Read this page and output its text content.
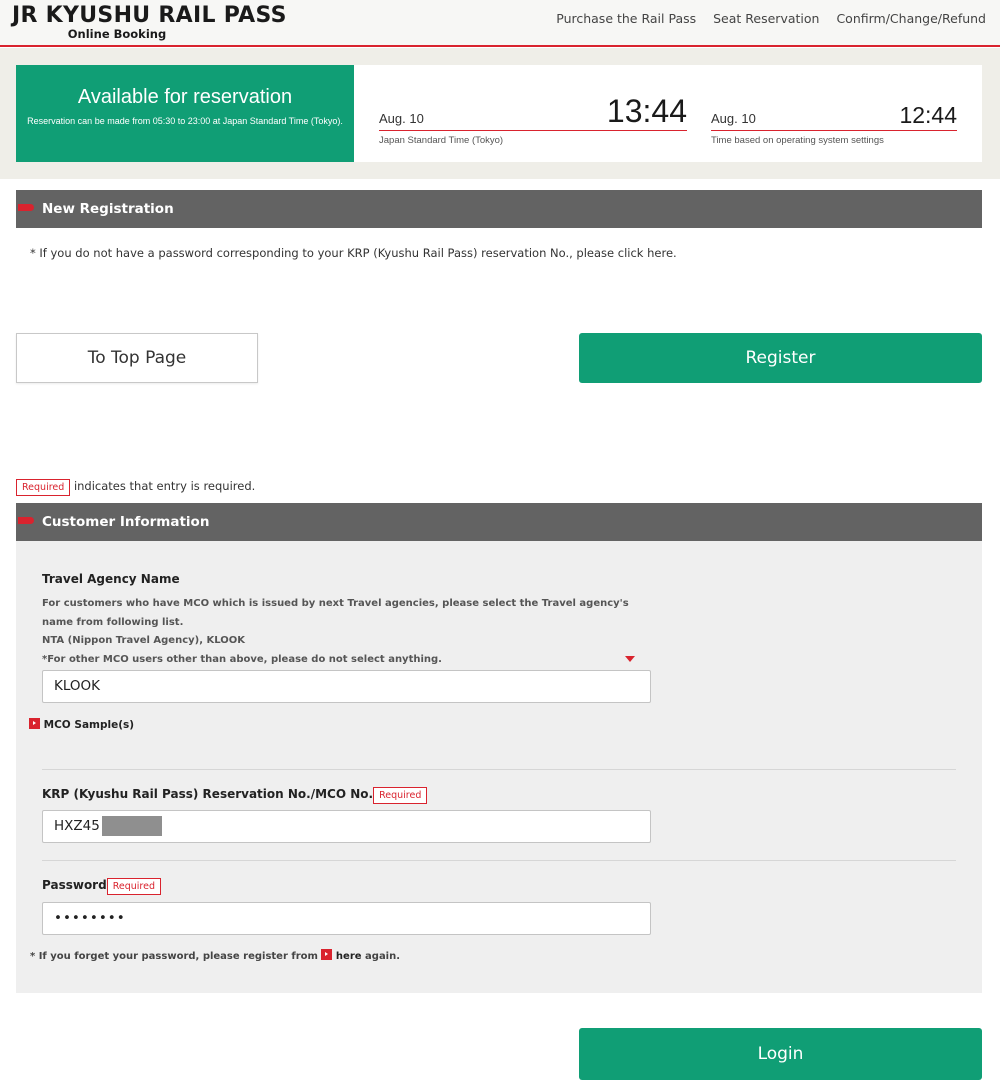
JR KYUSHU RAIL PASS
Online Booking
Purchase the Rail Pass Seat Reservation Confirm/Change/Refund
Available for reservation
Reservation can be made from 05:30 to 23:00 at Japan Standard Time (Tokyo).	Aug. 10	13:44
Japan Standard Time (Tokyo)
Aug. 10	12:44
Time based on operating system settings
New Registration
* If you do not have a password corresponding to your KRP (Kyushu Rail Pass) reservation No., please click here.
To Top Page	Register
Required indicates that entry is required.
Customer Information
Travel Agency Name
For customers who have MCO which is issued by next Travel agencies, please select the Travel agency's
name from following list.
NTA (Nippon Travel Agency), KLOOK
*For other MCO users other than above, please do not select anything.
KLOOK
MCO Sample(s)
KRP (Kyushu Rail Pass) Reservation No./MCO No. Required
HXZ45
Password Required
••••••••
* If you forget your password, please register from here again.
Login
